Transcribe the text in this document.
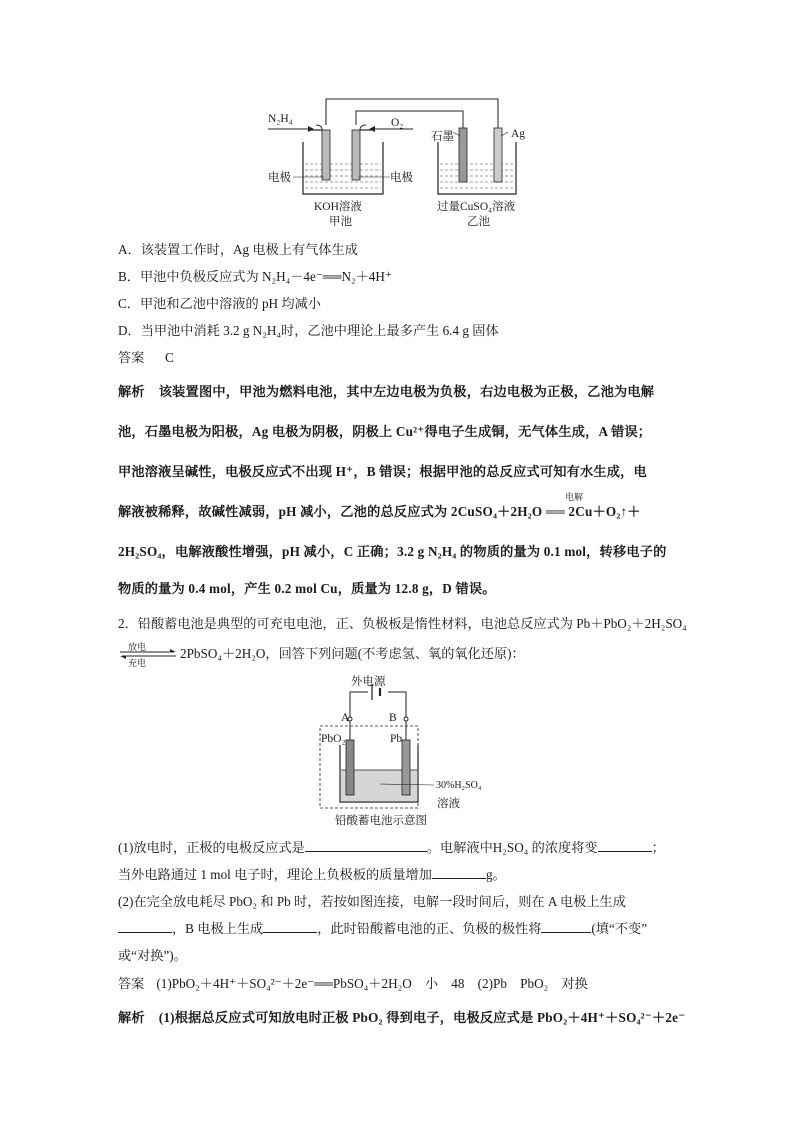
N₂H₄	O₂
石墨	Ag
电极	电极
KOH溶液
甲池
过量CuSO₄溶液
乙池
A．该装置工作时，Ag 电极上有气体生成
B．甲池中负极反应式为 N₂H₄－4e⁻══N₂＋4H⁺
C．甲池和乙池中溶液的 pH 均减小
D．当甲池中消耗 3.2 g N₂H₄时，乙池中理论上最多产生 6.4 g 固体
答案 C
解析 该装置图中，甲池为燃料电池，其中左边电极为负极，右边电极为正极，乙池为电解
池，石墨电极为阳极，Ag 电极为阴极，阴极上 Cu²⁺得电子生成铜，无气体生成，A 错误；
甲池溶液呈碱性，电极反应式不出现 H⁺，B 错误；根据甲池的总反应式可知有水生成，电
电解
解液被稀释，故碱性减弱，pH 减小，乙池的总反应式为 2CuSO₄＋2H₂O ══ 2Cu＋O₂↑＋
2H₂SO₄，电解液酸性增强，pH 减小，C 正确；3.2 g N₂H₄ 的物质的量为 0.1 mol，转移电子的
物质的量为 0.4 mol，产生 0.2 mol Cu，质量为 12.8 g，D 错误。
2．铅酸蓄电池是典型的可充电电池，正、负极板是惰性材料，电池总反应式为 Pb＋PbO₂＋2H₂SO₄
放电
充电
2PbSO₄＋2H₂O，回答下列问题(不考虑氢、氧的氧化还原)：
外电源
A	B
PbO₂	Pb
30%H₂SO₄
溶液
铅酸蓄电池示意图
(1)放电时，正极的电极反应式是	。电解液中H₂SO₄ 的浓度将变	；
当外电路通过 1 mol 电子时，理论上负极板的质量增加	g。
(2)在完全放电耗尽 PbO₂ 和 Pb 时，若按如图连接，电解一段时间后，则在 A 电极上生成
，B 电极上生成	，此时铅酸蓄电池的正、负极的极性将	(填“不变”
或“对换”)。
答案 (1)PbO₂＋4H⁺＋SO₄²⁻＋2e⁻══PbSO₄＋2H₂O　小　48　(2)Pb　PbO₂　对换
解析 (1)根据总反应式可知放电时正极 PbO₂ 得到电子，电极反应式是 PbO₂＋4H⁺＋SO₄²⁻＋2e⁻
